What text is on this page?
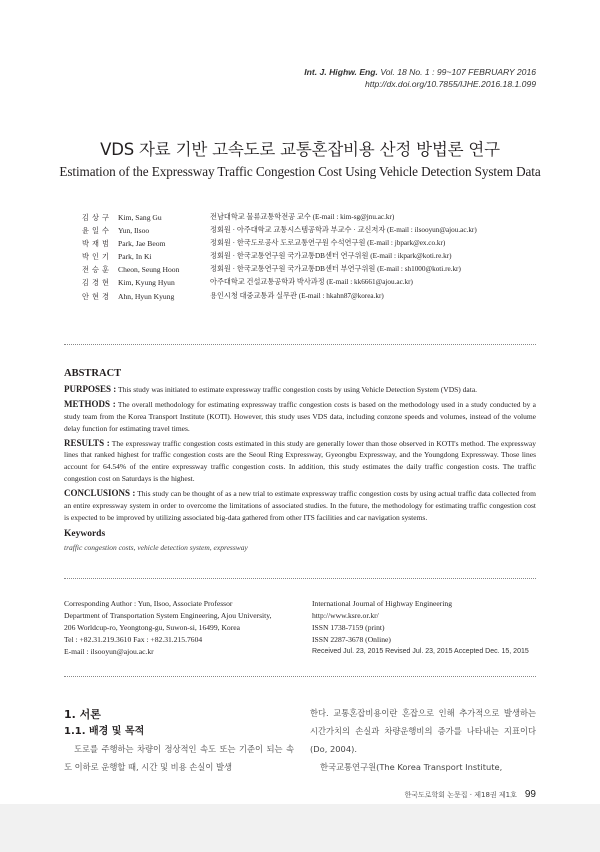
Int. J. Highw. Eng. Vol. 18 No. 1 : 99~107 FEBRUARY 2016
http://dx.doi.org/10.7855/IJHE.2016.18.1.099
VDS 자료 기반 고속도로 교통혼잡비용 산정 방법론 연구
Estimation of the Expressway Traffic Congestion Cost Using Vehicle Detection System Data
김 상 구	Kim, Sang Gu	전남대학교 물류교통학전공 교수 (E-mail : kim-sg@jnu.ac.kr)
윤 일 수	Yun, Ilsoo	정회원 · 아주대학교 교통시스템공학과 부교수 · 교신저자 (E-mail : ilsooyun@ajou.ac.kr)
박 재 범	Park, Jae Beom	정회원 · 한국도로공사 도로교통연구원 수석연구원 (E-mail : jbpark@ex.co.kr)
박 인 기	Park, In Ki	정회원 · 한국교통연구원 국가교통DB센터 연구위원 (E-mail : ikpark@koti.re.kr)
전 승 훈	Cheon, Seung Hoon	정회원 · 한국교통연구원 국가교통DB센터 부연구위원 (E-mail : sh1000@koti.re.kr)
김 경 현	Kim, Kyung Hyun	아주대학교 건설교통공학과 박사과정 (E-mail : kk6661@ajou.ac.kr)
안 현 경	Ahn, Hyun Kyung	용인시청 대중교통과 실무관 (E-mail : hkahn87@korea.kr)
ABSTRACT

PURPOSES : This study was initiated to estimate expressway traffic congestion costs by using Vehicle Detection System (VDS) data.

METHODS : The overall methodology for estimating expressway traffic congestion costs is based on the methodology used in a study conducted by a study team from the Korea Transport Institute (KOTI). However, this study uses VDS data, including conzone speeds and volumes, instead of the volume delay function for estimating travel times.

RESULTS : The expressway traffic congestion costs estimated in this study are generally lower than those observed in KOTI's method. The expressway lines that ranked highest for traffic congestion costs are the Seoul Ring Expressway, Gyeongbu Expressway, and the Youngdong Expressway. Those lines account for 64.54% of the entire expressway traffic congestion costs. In addition, this study estimates the daily traffic congestion costs. The traffic congestion cost on Saturdays is the highest.

CONCLUSIONS : This study can be thought of as a new trial to estimate expressway traffic congestion costs by using actual traffic data collected from an entire expressway system in order to overcome the limitations of associated studies. In the future, the methodology for estimating traffic congestion cost is expected to be improved by utilizing associated big-data gathered from other ITS facilities and car navigation systems.

Keywords

traffic congestion costs, vehicle detection system, expressway

Corresponding Author : Yun, Ilsoo, Associate Professor
Department of Transportation System Engineering, Ajou University,
206 Worldcup-ro, Yeongtong-gu, Suwon-si, 16499, Korea
Tel : +82.31.219.3610 Fax : +82.31.215.7604
E-mail : ilsooyun@ajou.ac.kr
International Journal of Highway Engineering
http://www.ksre.or.kr/
ISSN 1738-7159 (print)
ISSN 2287-3678 (Online)
Received Jul. 23, 2015 Revised Jul. 23, 2015 Accepted Dec. 15, 2015
1. 서론
1.1. 배경 및 목적

도로를 주행하는 차량이 정상적인 속도 또는 기준이 되는 속도 이하로 운행할 때, 시간 및 비용 손실이 발생

한다. 교통혼잡비용이란 혼잡으로 인해 추가적으로 발생하는 시간가치의 손실과 차량운행비의 증가를 나타내는 지표이다(Do, 2004).

한국교통연구원(The Korea Transport Institute,

한국도로학회 논문집 · 제18권 제1호 99
